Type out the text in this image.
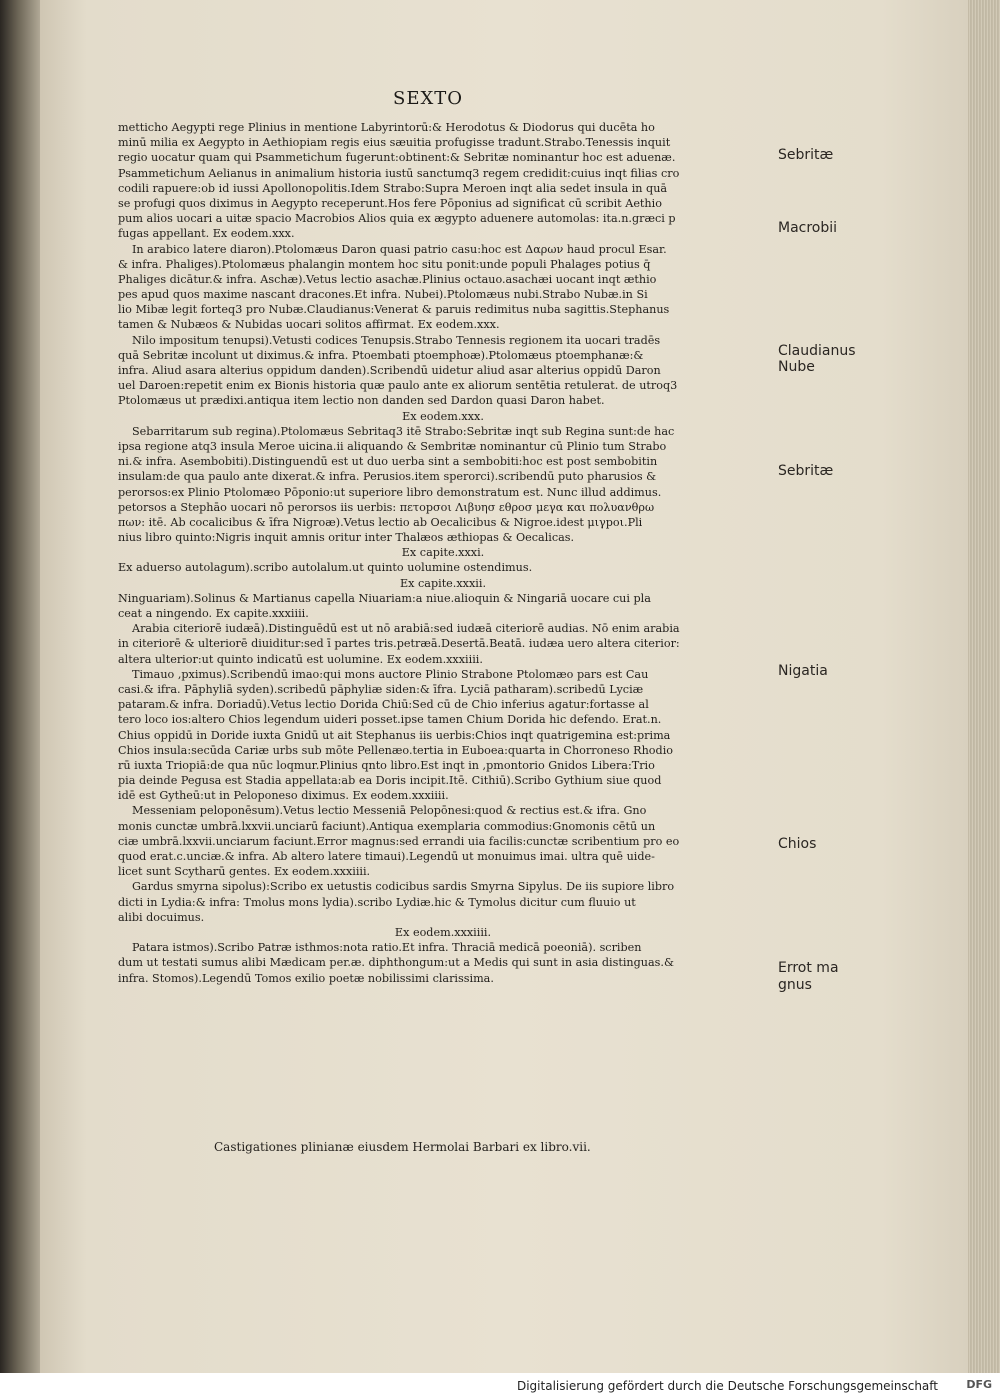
SEXTO
metticho Aegypti rege Plinius in mentione Labyrintorū:& Herodotus & Diodorus qui ducēta ho
minū milia ex Aegypto in Aethiopiam regis eius sæuitia profugisse tradunt.Strabo.Tenessis inquit
regio uocatur quam qui Psammetichum fugerunt:obtinent:& Sebritæ nominantur hoc est aduenæ.
Psammetichum Aelianus in animalium historia iustū sanctumq3 regem credidit:cuius inqt filias cro
codili rapuere:ob id iussi Apollonopolitis.Idem Strabo:Supra Meroen inqt alia sedet insula in quā
se profugi quos diximus in Aegypto receperunt.Hos fere Pōponius ad significat cū scribit Aethio
pum alios uocari a uitæ spacio Macrobios Alios quia ex ægypto aduenere automolas: ita.n.græci p
fugas appellant. Ex eodem.xxx.
In arabico latere diaron).Ptolomæus Daron quasi patrio casu:hoc est Δαρων haud procul Esar.
& infra. Phaliges).Ptolomæus phalangin montem hoc situ ponit:unde populi Phalages potius q̄
Phaliges dicātur.& infra. Aschæ).Vetus lectio asachæ.Plinius octauo.asachæi uocant inqt æthio
pes apud quos maxime nascant dracones.Et infra. Nubei).Ptolomæus nubi.Strabo Nubæ.in Si
lio Mibæ legit forteq3 pro Nubæ.Claudianus:Venerat & paruis redimitus nuba sagittis.Stephanus
tamen & Nubæos & Nubidas uocari solitos affirmat. Ex eodem.xxx.
Nilo impositum tenupsi).Vetusti codices Tenupsis.Strabo Tennesis regionem ita uocari tradēs
quā Sebritæ incolunt ut diximus.& infra. Ptoembati ptoemphoæ).Ptolomæus ptoemphanæ:&
infra. Aliud asara alterius oppidum danden).Scribendū uidetur aliud asar alterius oppidū Daron
uel Daroen:repetit enim ex Bionis historia quæ paulo ante ex aliorum sentētia retulerat. de utroq3
Ptolomæus ut prædixi.antiqua item lectio non danden sed Dardon quasi Daron habet.
Ex eodem.xxx.
Sebarritarum sub regina).Ptolomæus Sebritaq3 itē Strabo:Sebritæ inqt sub Regina sunt:de hac
ipsa regione atq3 insula Meroe uicina.ii aliquando & Sembritæ nominantur cū Plinio tum Strabo
ni.& infra. Asembobiti).Distinguendū est ut duo uerba sint a sembobiti:hoc est post sembobitin
insulam:de qua paulo ante dixerat.& infra. Perusios.item sperorci).scribendū puto pharusios &
perorsos:ex Plinio Ptolomæo Pōponio:ut superiore libro demonstratum est. Nunc illud addimus.
petorsos a Stephāo uocari nō perorsos iis uerbis: πετοpσοι Λιβυησ εθροσ μεγα και πολυανθρω
πων: itē. Ab cocalicibus & īfra Nigroæ).Vetus lectio ab Oecalicibus & Nigroe.idest μιγpoι.Pli
nius libro quinto:Nigris inquit amnis oritur inter Thalæos æthiopas & Oecalicas.
Ex capite.xxxi.
Ex aduerso autolagum).scribo autolalum.ut quinto uolumine ostendimus.
Ex capite.xxxii.
Ninguariam).Solinus & Martianus capella Niuariam:a niue.alioquin & Ningariā uocare cui pla
ceat a ningendo. Ex capite.xxxiiii.
Arabia citeriorē iudæā).Distinguēdū est ut nō arabiā:sed iudæā citeriorē audias. Nō enim arabia
in citeriorē & ulteriorē diuiditur:sed ī partes tris.petræā.Desertā.Beatā. iudæa uero altera citerior:
altera ulterior:ut quinto indicatū est uolumine. Ex eodem.xxxiiii.
Timauo ,pximus).Scribendū imao:qui mons auctore Plinio Strabone Ptolomæo pars est Cau
casi.& ifra. Pāphyliā syden).scribedū pāphyliæ siden:& īfra. Lyciā patharam).scribedū Lyciæ
pataram.& infra. Doriadū).Vetus lectio Dorida Chiū:Sed cū de Chio inferius agatur:fortasse al
tero loco ios:altero Chios legendum uideri posset.ipse tamen Chium Dorida hic defendo. Erat.n.
Chius oppidū in Doride iuxta Gnidū ut ait Stephanus iis uerbis:Chios inqt quatrigemina est:prima
Chios insula:secūda Cariæ urbs sub mōte Pellenæo.tertia in Euboea:quarta in Chorroneso Rhodio
rū iuxta Triopiā:de qua nūc loqmur.Plinius qnto libro.Est inqt in ,pmontorio Gnidos Libera:Trio
pia deinde Pegusa est Stadia appellata:ab ea Doris incipit.Itē. Cithiū).Scribo Gythium siue quod
idē est Gytheū:ut in Peloponeso diximus. Ex eodem.xxxiiii.
Messeniam peloponēsum).Vetus lectio Messeniā Pelopōnesi:quod & rectius est.& ifra. Gno
monis cunctæ umbrā.lxxvii.unciarū faciunt).Antiqua exemplaria commodius:Gnomonis cētū un
ciæ umbrā.lxxvii.unciarum faciunt.Error magnus:sed errandi uia facilis:cunctæ scribentium pro eo
quod erat.c.unciæ.& infra. Ab altero latere timaui).Legendū ut monuimus imai. ultra quē uide-
licet sunt Scytharū gentes. Ex eodem.xxxiiii.
Gardus smyrna sipolus):Scribo ex uetustis codicibus sardis Smyrna Sipylus. De iis supiore libro
dicti in Lydia:& infra: Tmolus mons lydia).scribo Lydiæ.hic & Tymolus dicitur cum fluuio ut
alibi docuimus.
Ex eodem.xxxiiii.
Patara istmos).Scribo Patræ isthmos:nota ratio.Et infra. Thraciā medicā poeoniā). scriben
dum ut testati sumus alibi Mædicam per.æ. diphthongum:ut a Medis qui sunt in asia distinguas.&
infra. Stomos).Legendū Tomos exilio poetæ nobilissimi clarissima.
Castigationes plinianæ eiusdem Hermolai Barbari ex libro.vii.
Sebritæ
Macrobii
Claudianus
Nube
Sebritæ
Nigatia
Chios
Errot ma
gnus
Digitalisierung gefördert durch die Deutsche Forschungsgemeinschaft	DFG
